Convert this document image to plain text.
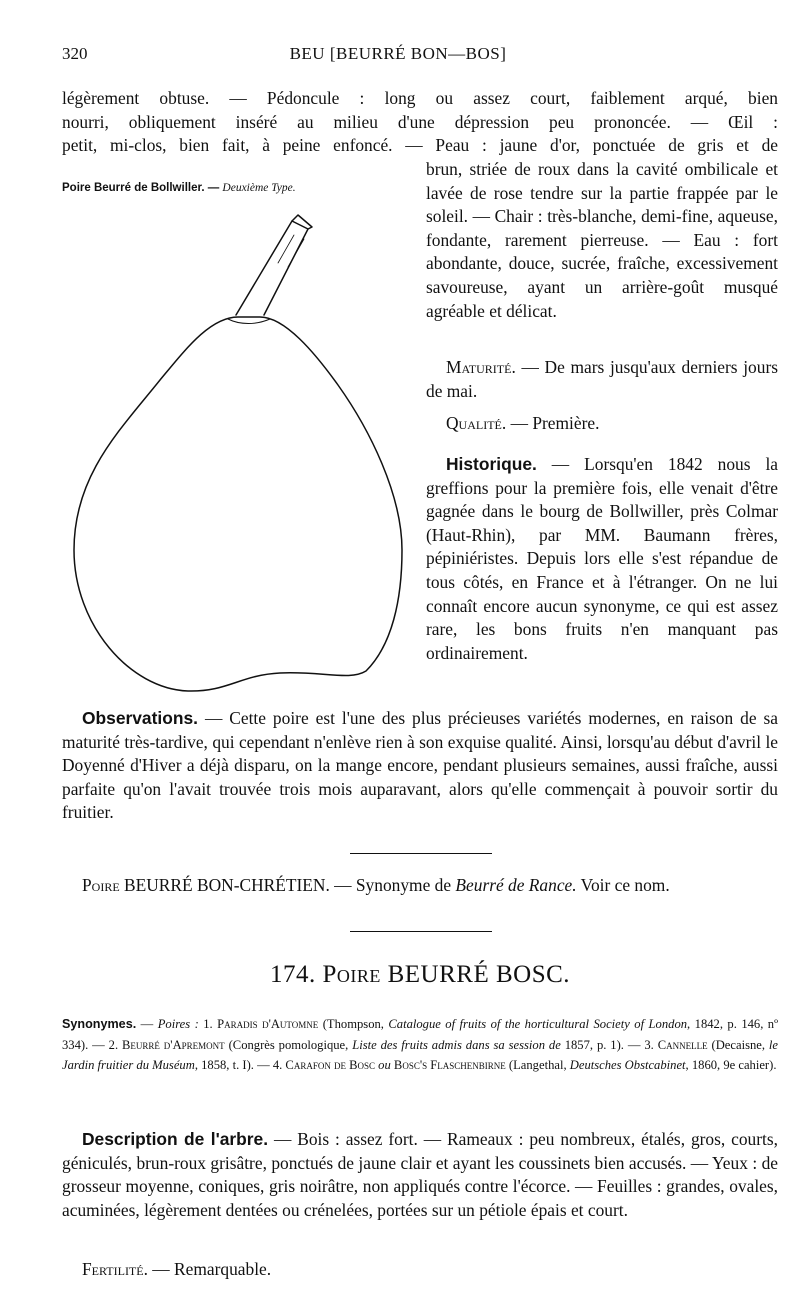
320	BEU [BEURRÉ BON—BOS]
légèrement obtuse. — Pédoncule : long ou assez court, faiblement arqué, bien
nourri, obliquement inséré au milieu d'une dépression peu prononcée. — Œil :
petit, mi-clos, bien fait, à peine enfoncé. — Peau : jaune d'or, ponctuée de gris et de
Poire Beurré de Bollwiller. — Deuxième Type.

brun, striée de roux dans la cavité ombilicale et lavée de rose tendre sur la partie frappée par le soleil. — Chair : très-blanche, demi-fine, aqueuse, fondante, rarement pierreuse. — Eau : fort abondante, douce, sucrée, fraîche, excessivement savoureuse, ayant un arrière-goût musqué agréable et délicat.

Maturité. — De mars jusqu'aux derniers jours de mai.

Qualité. — Première.

Historique. — Lorsqu'en 1842 nous la greffions pour la première fois, elle venait d'être gagnée dans le bourg de Bollwiller, près Colmar (Haut-Rhin), par MM. Baumann frères, pépiniéristes. Depuis lors elle s'est répandue de tous côtés, en France et à l'étranger. On ne lui connaît encore aucun synonyme, ce qui est assez rare, les bons fruits n'en manquant pas ordinairement.

Observations. — Cette poire est l'une des plus précieuses variétés modernes, en raison de sa maturité très-tardive, qui cependant n'enlève rien à son exquise qualité. Ainsi, lorsqu'au début d'avril le Doyenné d'Hiver a déjà disparu, on la mange encore, pendant plusieurs semaines, aussi fraîche, aussi parfaite qu'on l'avait trouvée trois mois auparavant, alors qu'elle commençait à pouvoir sortir du fruitier.

Poire BEURRÉ BON-CHRÉTIEN. — Synonyme de Beurré de Rance. Voir ce nom.

174. Poire BEURRÉ BOSC.

Synonymes. — Poires : 1. Paradis d'Automne (Thompson, Catalogue of fruits of the horticultural Society of London, 1842, p. 146, nº 334). — 2. Beurré d'Apremont (Congrès pomologique, Liste des fruits admis dans sa session de 1857, p. 1). — 3. Cannelle (Decaisne, le Jardin fruitier du Muséum, 1858, t. I). — 4. Carafon de Bosc ou Bosc's Flaschenbirne (Langethal, Deutsches Obstcabinet, 1860, 9e cahier).

Description de l'arbre. — Bois : assez fort. — Rameaux : peu nombreux, étalés, gros, courts, géniculés, brun-roux grisâtre, ponctués de jaune clair et ayant les coussinets bien accusés. — Yeux : de grosseur moyenne, coniques, gris noirâtre, non appliqués contre l'écorce. — Feuilles : grandes, ovales, acuminées, légèrement dentées ou crénelées, portées sur un pétiole épais et court.

Fertilité. — Remarquable.
